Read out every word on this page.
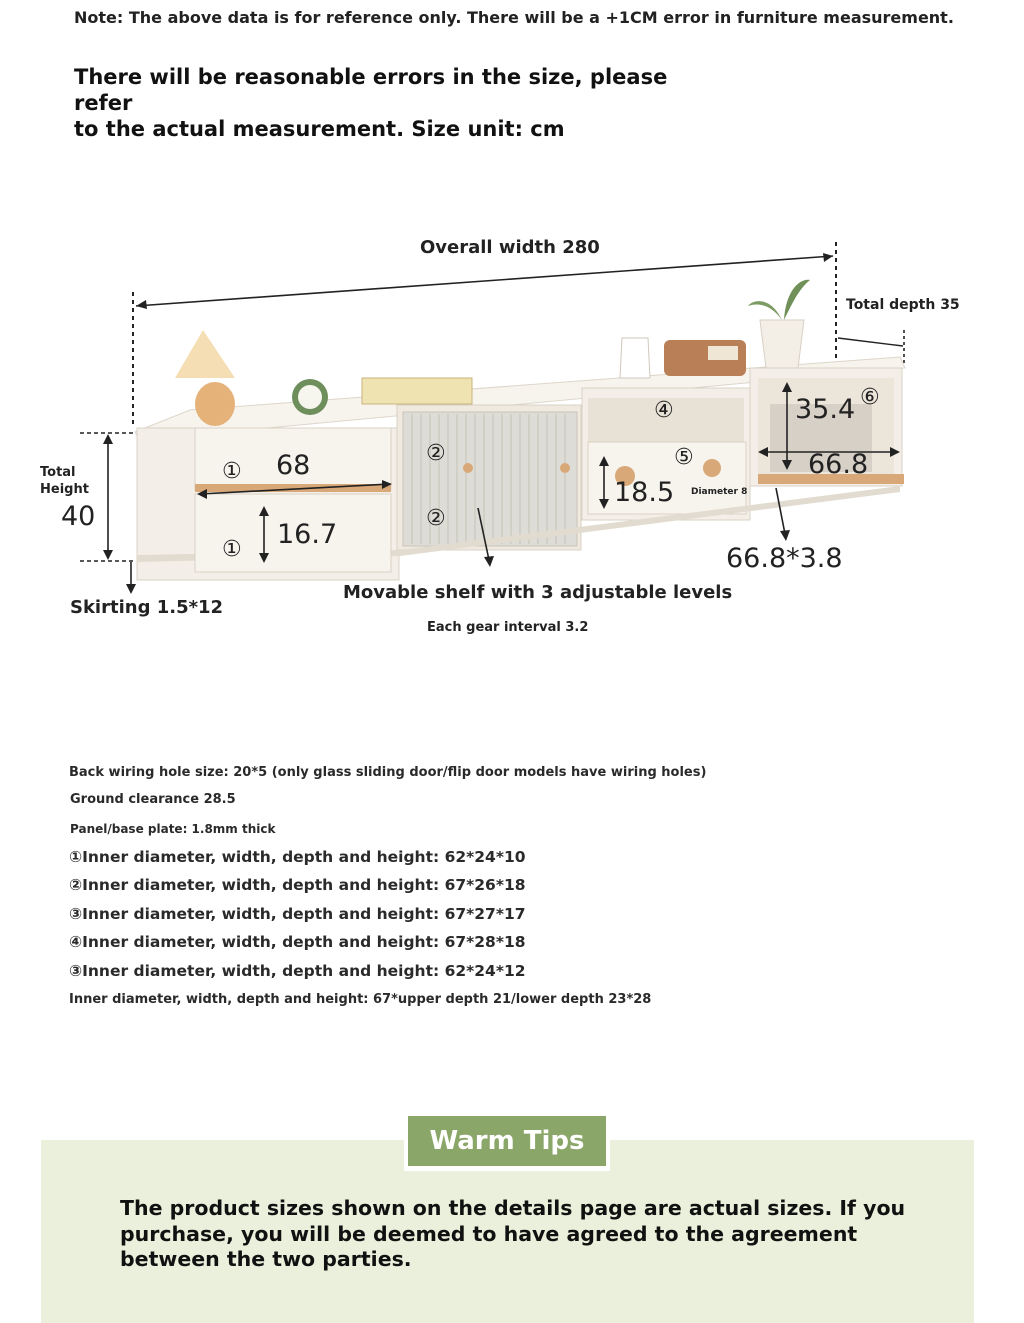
Note: The above data is for reference only. There will be a +1CM error in furniture measurement.
There will be reasonable errors in the size, please refer
to the actual measurement. Size unit: cm
Overall width 280
Total depth 35
Total
Height
40
Skirting 1.5*12
① 68
① 16.7
②
②
Movable shelf with 3 adjustable levels
Each gear interval 3.2
④
⑤
18.5 Diameter 8
⑥
35.4
66.8
66.8*3.8
Back wiring hole size: 20*5 (only glass sliding door/flip door models have wiring holes)
Ground clearance 28.5
Panel/base plate: 1.8mm thick
①Inner diameter, width, depth and height: 62*24*10
②Inner diameter, width, depth and height: 67*26*18
③Inner diameter, width, depth and height: 67*27*17
④Inner diameter, width, depth and height: 67*28*18
③Inner diameter, width, depth and height: 62*24*12
Inner diameter, width, depth and height: 67*upper depth 21/lower depth 23*28
Warm Tips
The product sizes shown on the details page are actual sizes. If you purchase, you will be deemed to have agreed to the agreement between the two parties.
